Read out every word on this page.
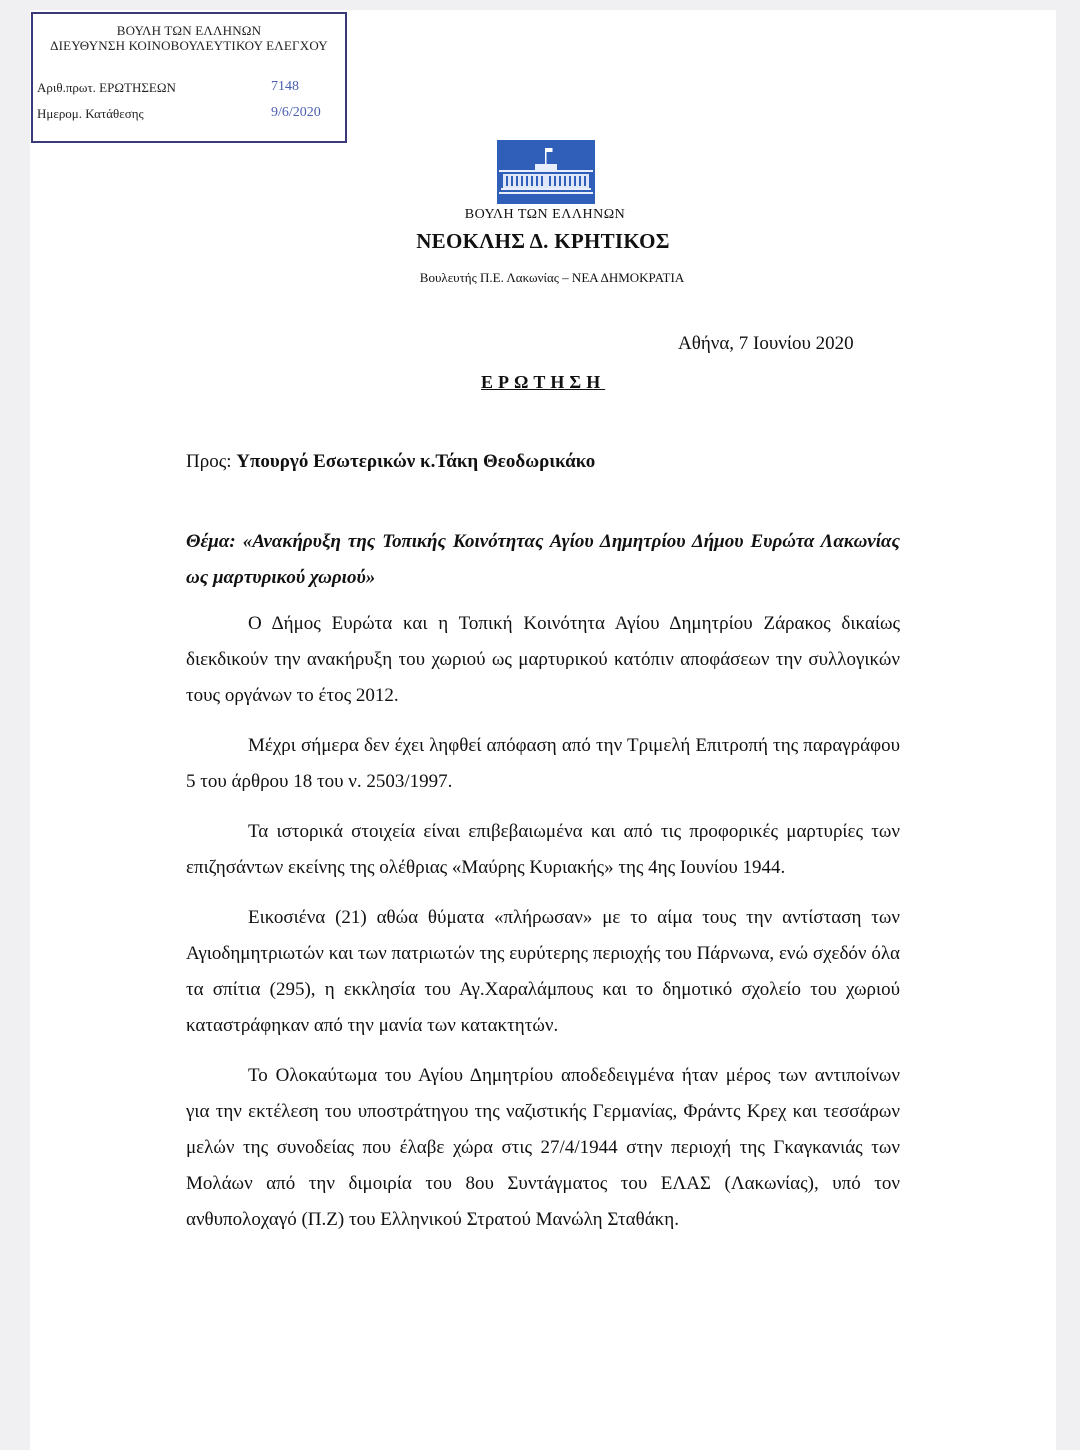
ΒΟΥΛΗ ΤΩΝ ΕΛΛΗΝΩΝ
ΔΙΕΥΘΥΝΣΗ ΚΟΙΝΟΒΟΥΛΕΥΤΙΚΟΥ ΕΛΕΓΧΟΥ
Αριθ.πρωτ. ΕΡΩΤΗΣΕΩΝ	7148
Ημερομ. Κατάθεσης	9/6/2020
ΒΟΥΛΗ ΤΩΝ ΕΛΛΗΝΩΝ
ΝΕΟΚΛΗΣ Δ. ΚΡΗΤΙΚΟΣ
Βουλευτής Π.Ε. Λακωνίας – ΝΕΑ ΔΗΜΟΚΡΑΤΙΑ
Αθήνα, 7 Ιουνίου 2020
ΕΡΩΤΗΣΗ
Προς: Υπουργό Εσωτερικών κ.Τάκη Θεοδωρικάκο

Θέμα: «Ανακήρυξη της Τοπικής Κοινότητας Αγίου Δημητρίου Δήμου Ευρώτα Λακωνίας ως μαρτυρικού χωριού»

Ο Δήμος Ευρώτα και η Τοπική Κοινότητα Αγίου Δημητρίου Ζάρακος δικαίως διεκδικούν την ανακήρυξη του χωριού ως μαρτυρικού κατόπιν αποφάσεων την συλλογικών τους οργάνων το έτος 2012.

Μέχρι σήμερα δεν έχει ληφθεί απόφαση από την Τριμελή Επιτροπή της παραγράφου 5 του άρθρου 18 του ν. 2503/1997.

Τα ιστορικά στοιχεία είναι επιβεβαιωμένα και από τις προφορικές μαρτυρίες των επιζησάντων εκείνης της ολέθριας «Μαύρης Κυριακής» της 4ης Ιουνίου 1944.

Εικοσιένα (21) αθώα θύματα «πλήρωσαν» με το αίμα τους την αντίσταση των Αγιοδημητριωτών και των πατριωτών της ευρύτερης περιοχής του Πάρνωνα, ενώ σχεδόν όλα τα σπίτια (295), η εκκλησία του Αγ.Χαραλάμπους και το δημοτικό σχολείο του χωριού καταστράφηκαν από την μανία των κατακτητών.

Το Ολοκαύτωμα του Αγίου Δημητρίου αποδεδειγμένα ήταν μέρος των αντιποίνων για την εκτέλεση του υποστράτηγου της ναζιστικής Γερμανίας, Φράντς Κρεχ και τεσσάρων μελών της συνοδείας που έλαβε χώρα στις 27/4/1944 στην περιοχή της Γκαγκανιάς των Μολάων από την διμοιρία του 8ου Συντάγματος του ΕΛΑΣ (Λακωνίας), υπό τον ανθυπολοχαγό (Π.Ζ) του Ελληνικού Στρατού Μανώλη Σταθάκη.
